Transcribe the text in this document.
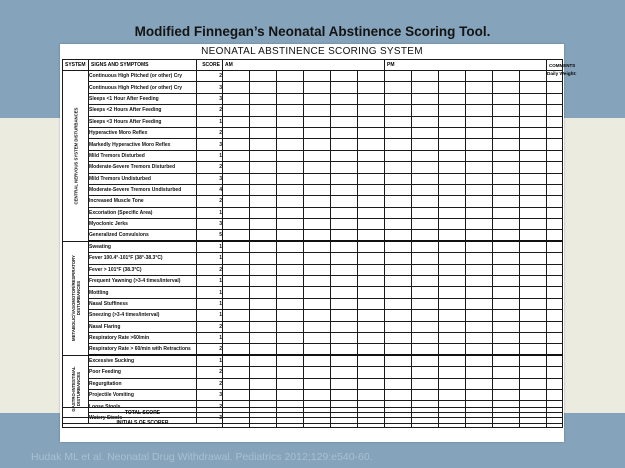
Modified Finnegan’s Neonatal Abstinence Scoring Tool.
NEONATAL ABSTINENCE SCORING SYSTEM
SYSTEM	SIGNS AND SYMPTOMS	SCORE	AM						PM						COMMENTS

CENTRAL NERVOUS SYSTEM DISTURBANCES	Continuous High Pitched (or other) Cry	2													Daily Weight:
	Continuous High Pitched (or other) Cry	3													
	Sleeps <1 Hour After Feeding	3													
	Sleeps <2 Hours After Feeding	2													
	Sleeps <3 Hours After Feeding	1													
	Hyperactive Moro Reflex	2													
	Markedly Hyperactive Moro Reflex	3													
	Mild Tremors Disturbed	1													
	Moderate-Severe Tremors Disturbed	2													
	Mild Tremors Undisturbed	3													
	Moderate-Severe Tremors Undisturbed	4													
	Increased Muscle Tone	2													
	Excoriation (Specific Area)	1													
	Myoclonic Jerks	3													
	Generalized Convulsions	5													

METABOLIC/VASOMOTOR/RESPIRATORY DISTURBANCES	Sweating	1													
	Fever 100.4°-101°F (38°-38.3°C)	1													
	Fever > 101°F (38.3°C)	2													
	Frequent Yawning (>3-4 times/interval)	1													
	Mottling	1													
	Nasal Stuffiness	1													
	Sneezing (>3-4 times/interval)	1													
	Nasal Flaring	2													
	Respiratory Rate >60/min	1													
	Respiratory Rate > 60/min with Retractions	2													

GASTRO-INTESTINAL DISTURBANCES	Excessive Sucking	1													
	Poor Feeding	2													
	Regurgitation	2													
	Projectile Vomiting	3													
	Loose Stools	2													
	Watery Stools	3													
TOTAL SCORE													
INITIALS OF SCORER													

Hudak ML et al. Neonatal Drug Withdrawal. Pediatrics 2012;129:e540-60.
